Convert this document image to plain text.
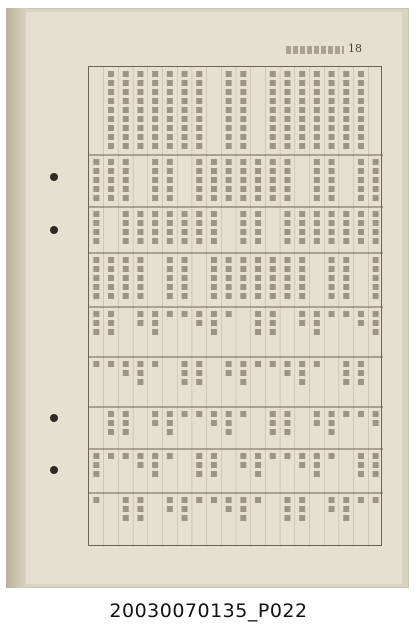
18
20030070135_P022
